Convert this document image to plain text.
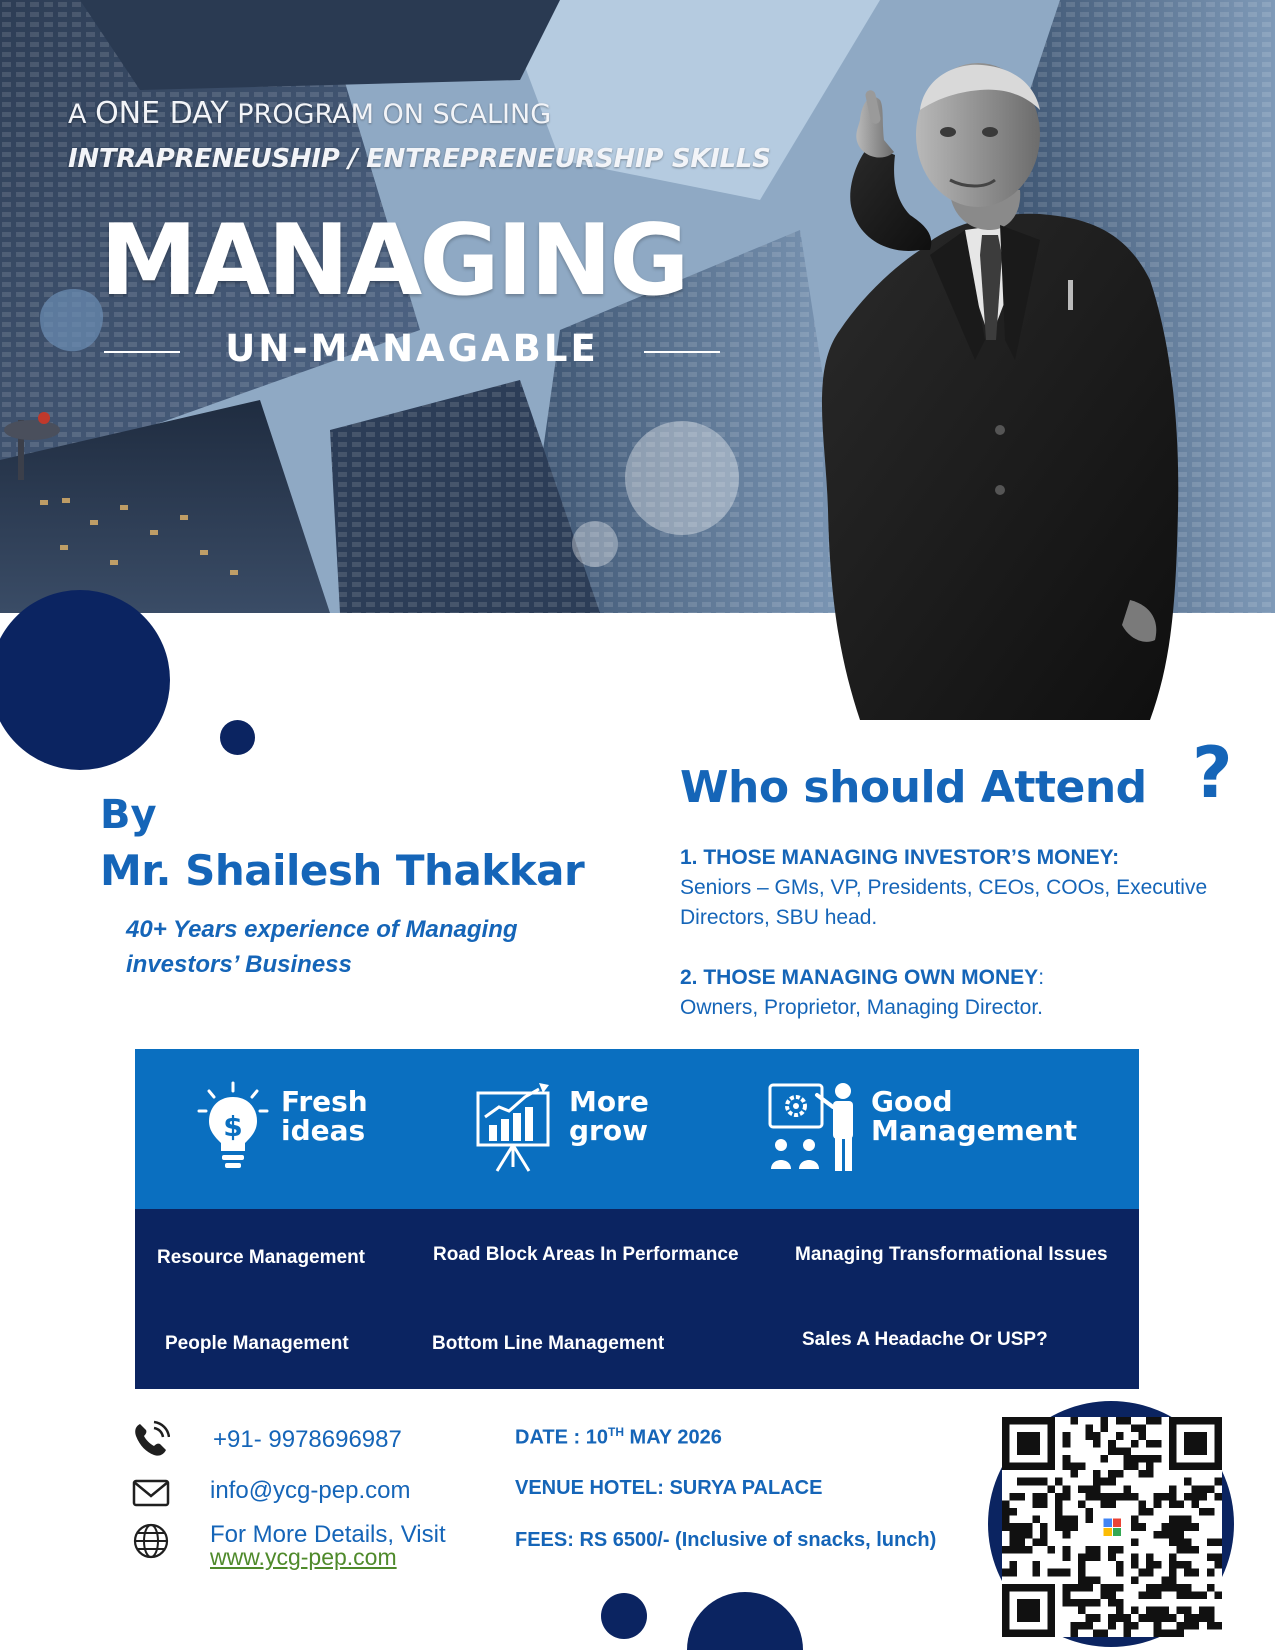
A ONE DAY PROGRAM ON SCALING
INTRAPRENEUSHIP / ENTREPRENEURSHIP SKILLS
MANAGING
UN-MANAGABLE
By
Mr. Shailesh Thakkar
40+ Years experience of Managing investors’ Business
Who should Attend ?
1. THOSE MANAGING INVESTOR’S MONEY:
Seniors – GMs, VP, Presidents, CEOs, COOs, Executive Directors, SBU head.
2. THOSE MANAGING OWN MONEY:
Owners, Proprietor, Managing Director.
$
Fresh
ideas
More
grow
Good
Management
Resource Management	Road Block Areas In Performance	Managing Transformational Issues
People Management	Bottom Line Management	Sales A Headache Or USP?
+91- 9978696987
info@ycg-pep.com
For More Details, Visit
www.ycg-pep.com
DATE : 10TH MAY 2026
VENUE HOTEL: SURYA PALACE
FEES: RS 6500/- (Inclusive of snacks, lunch)
